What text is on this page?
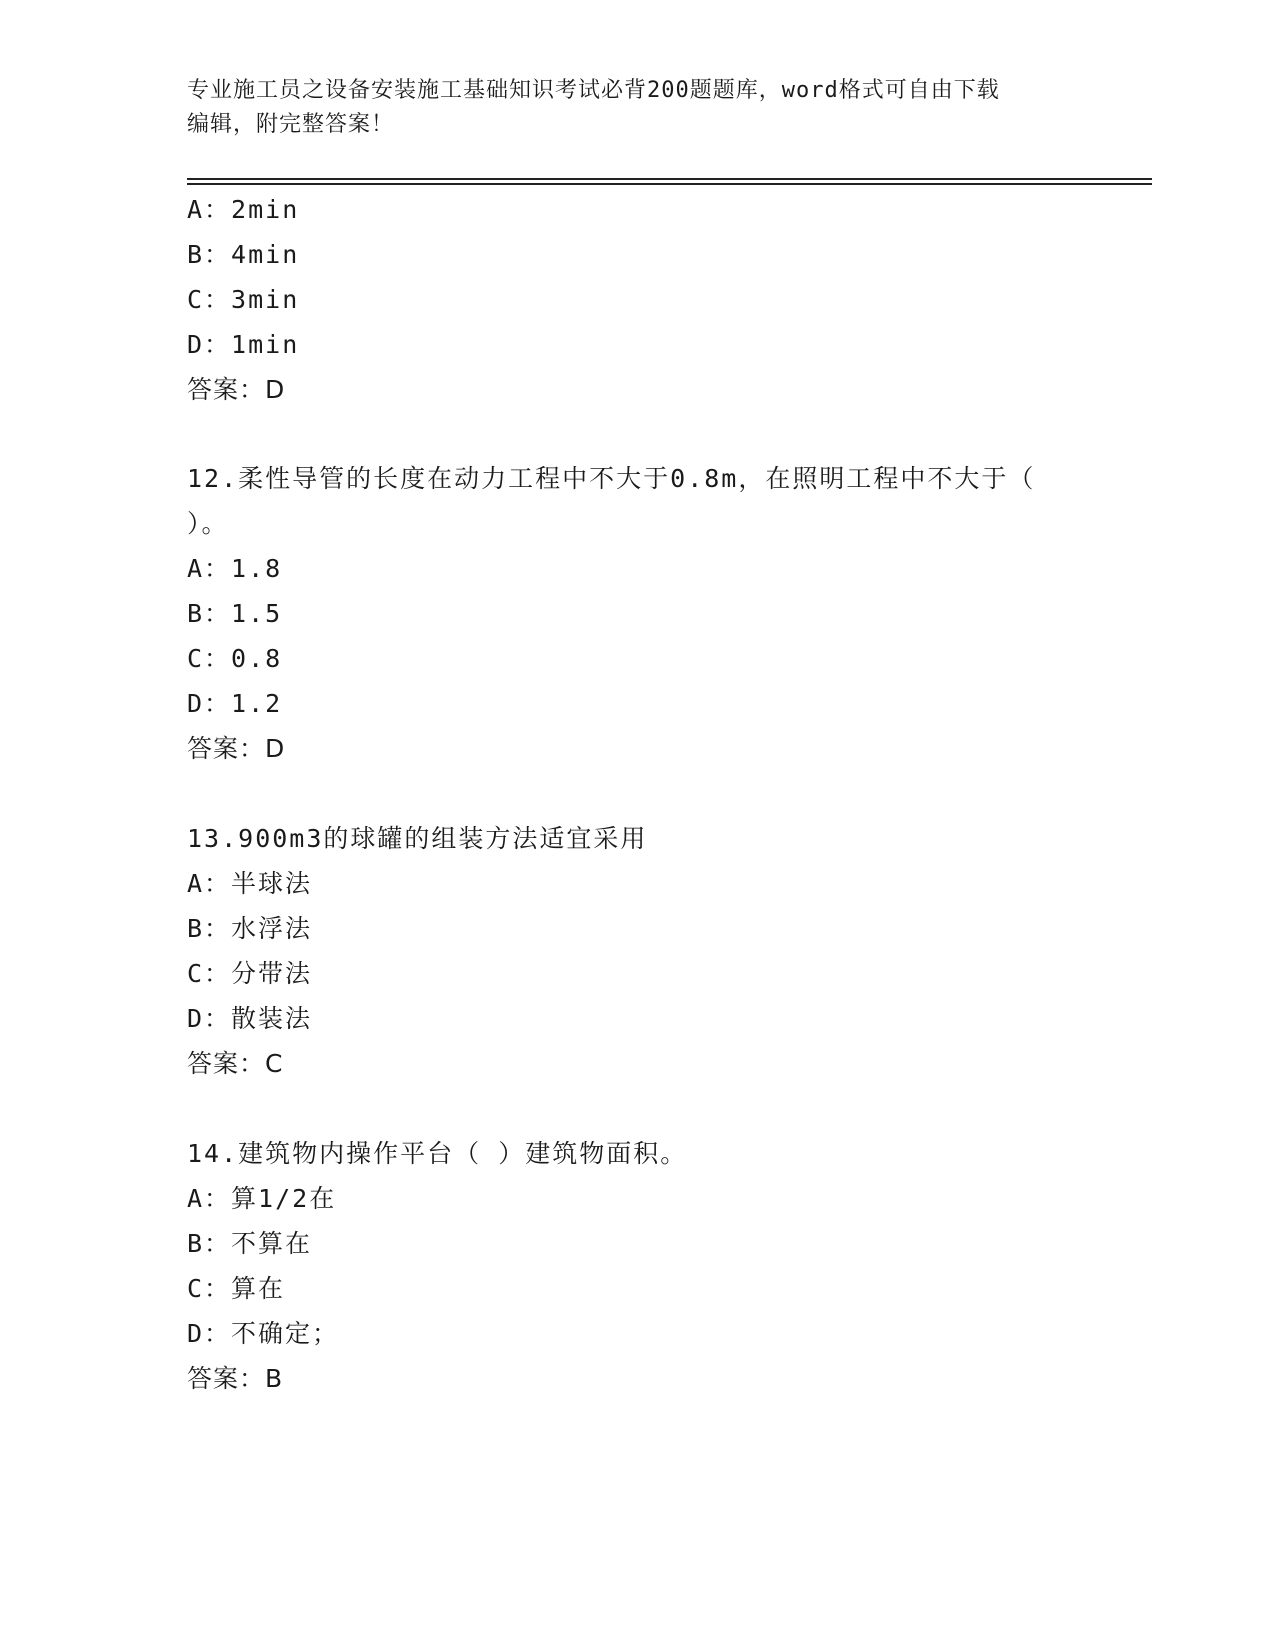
专业施工员之设备安装施工基础知识考试必背200题题库，word格式可自由下载
编辑，附完整答案！
A：2min
B：4min
C：3min
D：1min
答案：D
12.柔性导管的长度在动力工程中不大于0.8m，在照明工程中不大于（
）。
A：1.8
B：1.5
C：0.8
D：1.2
答案：D
13.900m3的球罐的组装方法适宜采用
A：半球法
B：水浮法
C：分带法
D：散装法
答案：C
14.建筑物内操作平台（ ）建筑物面积。
A：算1/2在
B：不算在
C：算在
D：不确定；
答案：B
